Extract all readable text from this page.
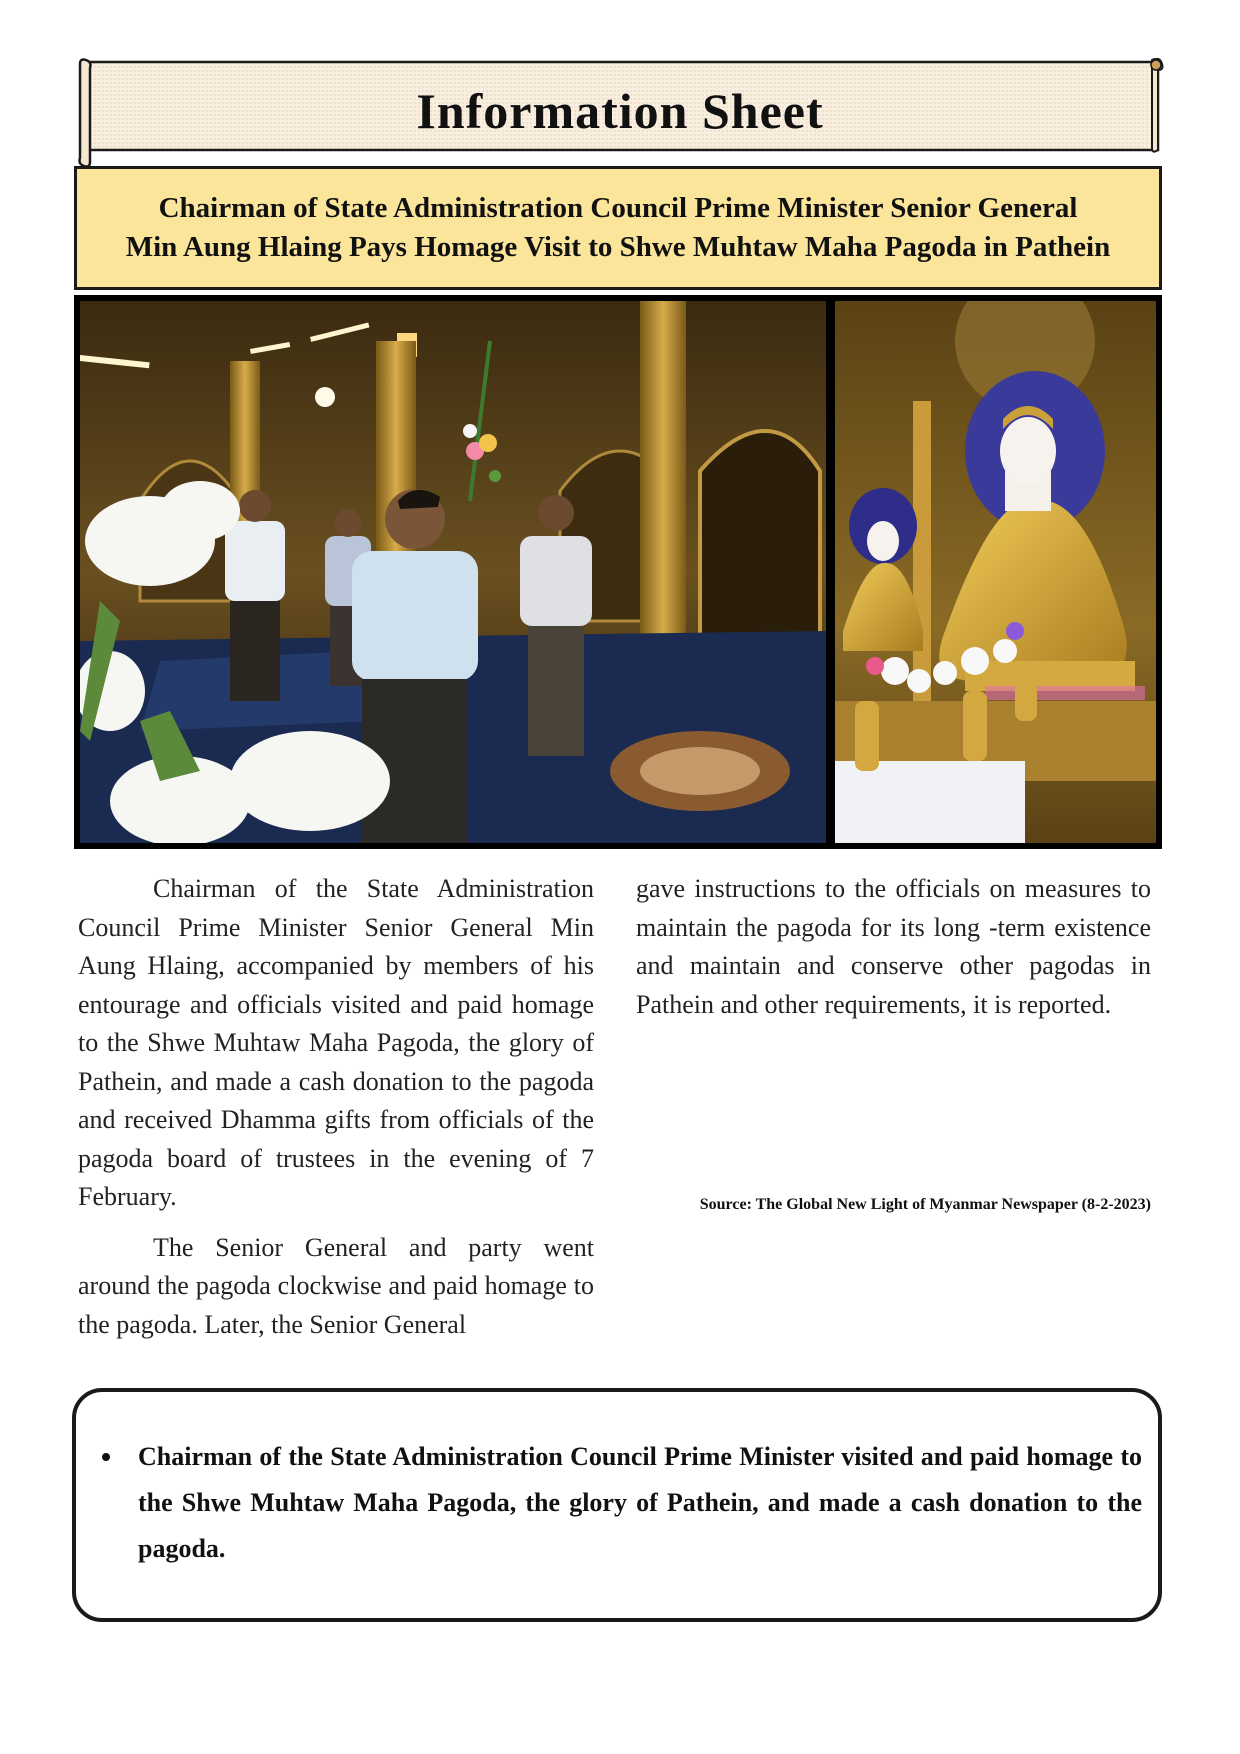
Information Sheet
Chairman of State Administration Council Prime Minister Senior General
Min Aung Hlaing Pays Homage Visit to Shwe Muhtaw Maha Pagoda in Pathein

Chairman of the State Administration Council Prime Minister Senior General Min Aung Hlaing, accompanied by members of his entourage and officials visited and paid homage to the Shwe Muhtaw Maha Pagoda, the glory of Pathein, and made a cash donation to the pagoda and received Dhamma gifts from officials of the pagoda board of trustees in the evening of 7 February.

The Senior General and party went around the pagoda clockwise and paid homage to the pagoda. Later, the Senior General

gave instructions to the officials on measures to maintain the pagoda for its long -term existence and maintain and conserve other pagodas in Pathein and other requirements, it is reported.

Source: The Global New Light of Myanmar Newspaper (8-2-2023)
Chairman of the State Administration Council Prime Minister visited and paid homage to the Shwe Muhtaw Maha Pagoda, the glory of Pathein, and made a cash donation to the pagoda.
